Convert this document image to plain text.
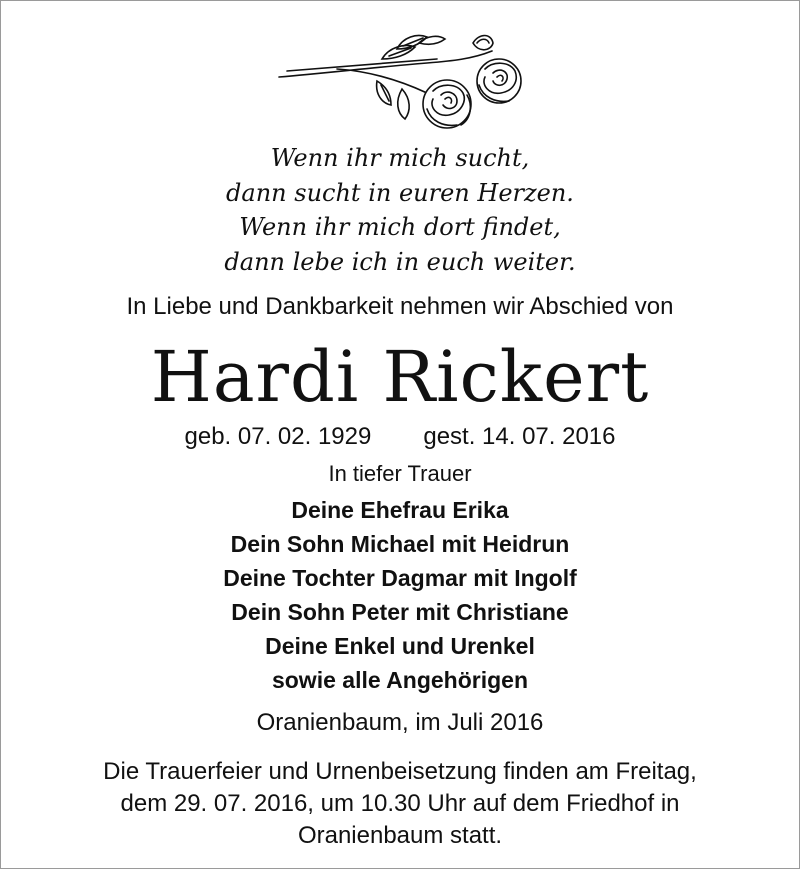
Wenn ihr mich sucht,
dann sucht in euren Herzen.
Wenn ihr mich dort findet,
dann lebe ich in euch weiter.
In Liebe und Dankbarkeit nehmen wir Abschied von
Hardi Rickert
geb. 07. 02. 1929 gest. 14. 07. 2016
In tiefer Trauer
Deine Ehefrau Erika
Dein Sohn Michael mit Heidrun
Deine Tochter Dagmar mit Ingolf
Dein Sohn Peter mit Christiane
Deine Enkel und Urenkel
sowie alle Angehörigen
Oranienbaum, im Juli 2016
Die Trauerfeier und Urnenbeisetzung finden am Freitag,
dem 29. 07. 2016, um 10.30 Uhr auf dem Friedhof in
Oranienbaum statt.
